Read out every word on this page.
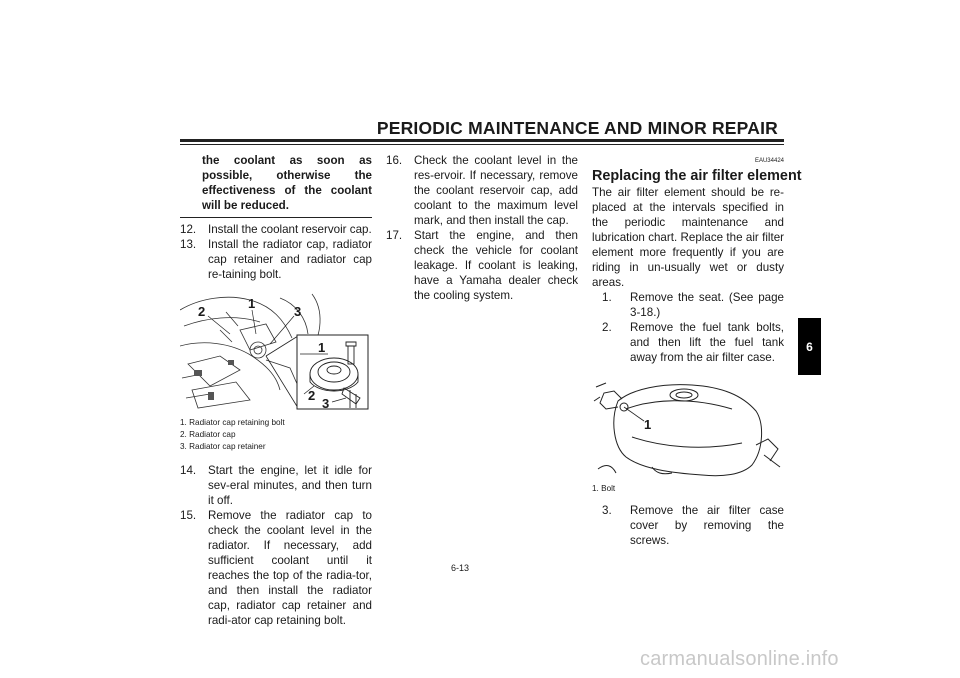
PERIODIC MAINTENANCE AND MINOR REPAIR
the coolant as soon as possible, otherwise the effectiveness of the coolant will be reduced.
12. Install the coolant reservoir cap.
13. Install the radiator cap, radiator cap retainer and radiator cap re-taining bolt.
2
1
3
1
2
3
1. Radiator cap retaining bolt
2. Radiator cap
3. Radiator cap retainer
14. Start the engine, let it idle for sev-eral minutes, and then turn it off.
15. Remove the radiator cap to check the coolant level in the radiator. If necessary, add sufficient coolant until it reaches the top of the radia-tor, and then install the radiator cap, radiator cap retainer and radi-ator cap retaining bolt.
16. Check the coolant level in the res-ervoir. If necessary, remove the coolant reservoir cap, add coolant to the maximum level mark, and then install the cap.
17. Start the engine, and then check the vehicle for coolant leakage. If coolant is leaking, have a Yamaha dealer check the cooling system.
EAU34424
Replacing the air filter element
The air filter element should be re-placed at the intervals specified in the periodic maintenance and lubrication chart. Replace the air filter element more frequently if you are riding in un-usually wet or dusty areas.
1. Remove the seat. (See page 3-18.)
2. Remove the fuel tank bolts, and then lift the fuel tank away from the air filter case.
1
1. Bolt
3. Remove the air filter case cover by removing the screws.
6
6-13
carmanualsonline.info
